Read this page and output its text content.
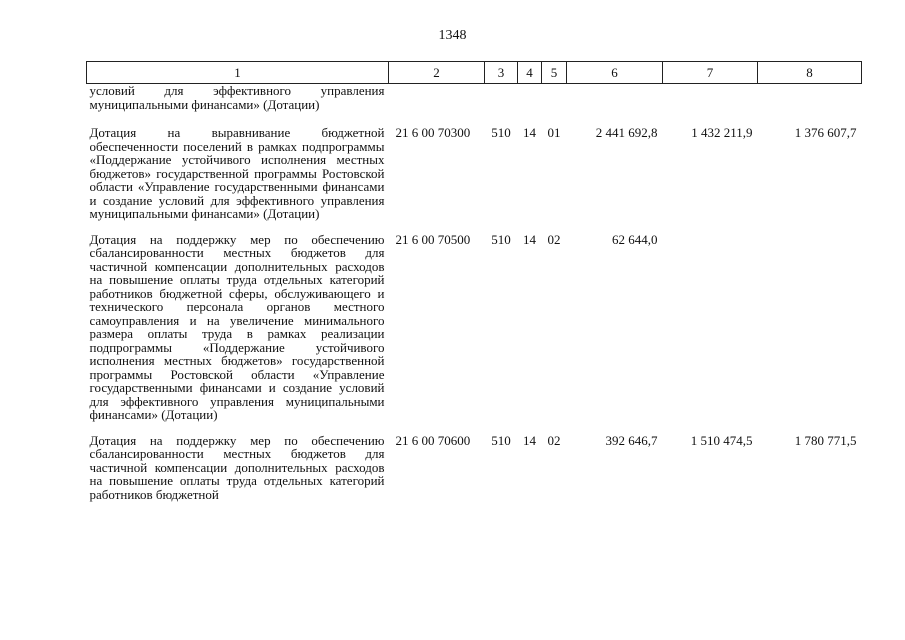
1348
1	2	3	4	5	6	7	8
условий для эффективного управления муниципальными финансами» (Дотации)							
Дотация на выравнивание бюджетной обеспеченности поселений в рамках подпрограммы «Поддержание устойчивого исполнения местных бюджетов» государственной программы Ростовской области «Управление государственными финансами и создание условий для эффективного управления муниципальными финансами» (Дотации)	21 6 00 70300	510	14	01	2 441 692,8	1 432 211,9	1 376 607,7
Дотация на поддержку мер по обеспечению сбалансированности местных бюджетов для частичной компенсации дополнительных расходов на повышение оплаты труда отдельных категорий работников бюджетной сферы, обслуживающего и технического персонала органов местного самоуправления и на увеличение минимального размера оплаты труда в рамках реализации подпрограммы «Поддержание устойчивого исполнения местных бюджетов» государственной программы Ростовской области «Управление государственными финансами и создание условий для эффективного управления муниципальными финансами» (Дотации)	21 6 00 70500	510	14	02	62 644,0		
Дотация на поддержку мер по обеспечению сбалансированности местных бюджетов для частичной компенсации дополнительных расходов на повышение оплаты труда отдельных категорий работников бюджетной	21 6 00 70600	510	14	02	392 646,7	1 510 474,5	1 780 771,5
